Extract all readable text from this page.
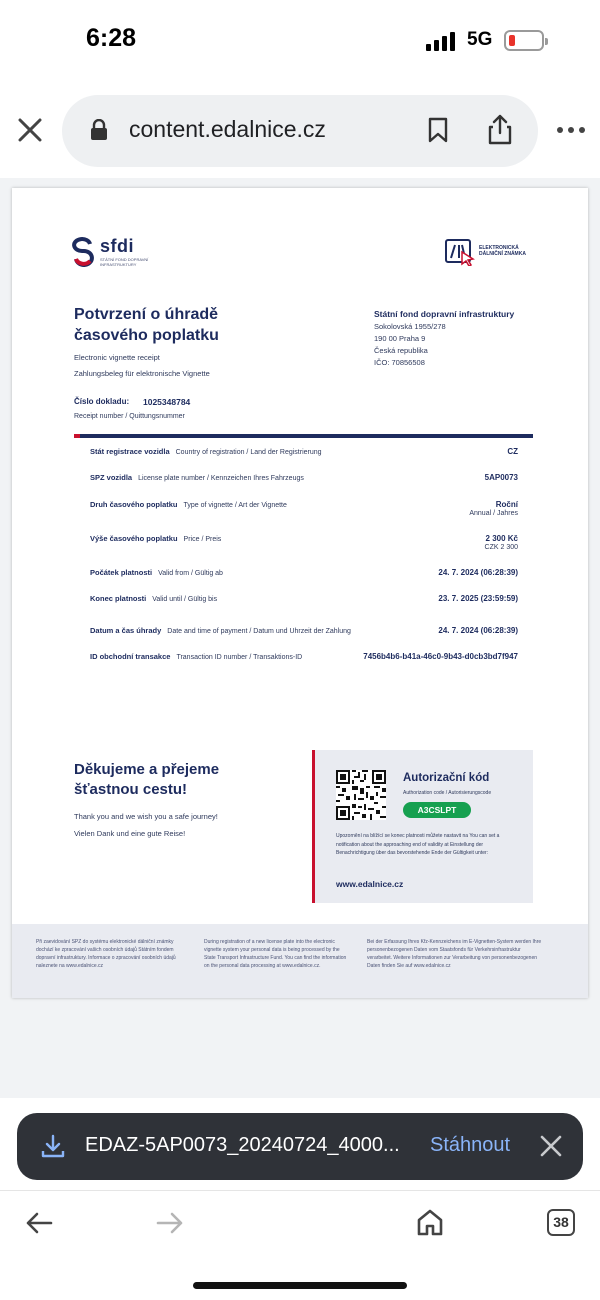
6:28	5G
content.edalnice.cz
sfdi
STÁTNÍ FOND DOPRAVNÍ INFRASTRUKTURY
ELEKTRONICKÁ DÁLNIČNÍ ZNÁMKA
Potvrzení o úhradě časového poplatku
Electronic vignette receipt
Zahlungsbeleg für elektronische Vignette
Číslo dokladu: 1025348784
Receipt number / Quittungsnummer
Státní fond dopravní infrastruktury
Sokolovská 1955/278
190 00 Praha 9
Česká republika
IČO: 70856508
Stát registrace vozidla Country of registration / Land der Registrierung	CZ
SPZ vozidla License plate number / Kennzeichen Ihres Fahrzeugs	5AP0073
Druh časového poplatku Type of vignette / Art der Vignette	Roční
Annual / Jahres
Výše časového poplatku Price / Preis	2 300 Kč
CZK 2 300
Počátek platnosti Valid from / Gültig ab	24. 7. 2024 (06:28:39)
Konec platnosti Valid until / Gültig bis	23. 7. 2025 (23:59:59)
Datum a čas úhrady Date and time of payment / Datum und Uhrzeit der Zahlung	24. 7. 2024 (06:28:39)
ID obchodní transakce Transaction ID number / Transaktions-ID	7456b4b6-b41a-46c0-9b43-d0cb3bd7f947
Děkujeme a přejeme šťastnou cestu!
Thank you and we wish you a safe journey!
Vielen Dank und eine gute Reise!
Autorizační kód
Authorization code / Autorisierungscode
A3CSLPT
Upozornění na blížící se konec platnosti můžete nastavit na You can set a notification about the approaching end of validity at Einstellung der Benachrichtigung über das bevorstehende Ende der Gültigkeit unter:
www.edalnice.cz
Při zaevidování SPZ do systému elektronické dálniční známky dochází ke zpracování vašich osobních údajů Státním fondem dopravní infrastruktury. Informace o zpracování osobních údajů naleznete na www.edalnice.cz
During registration of a new license plate into the electronic vignette system your personal data is being processed by the State Transport Infrastructure Fund. You can find the information on the personal data processing at www.edalnice.cz.
Bei der Erfassung Ihres Kfz-Kennzeichens im E-Vignetten-System werden Ihre personenbezogenen Daten vom Staatsfonds für Verkehrsinfrastruktur verarbeitet. Weitere Informationen zur Verarbeitung von personenbezogenen Daten finden Sie auf www.edalnice.cz
EDAZ-5AP0073_20240724_4000... Stáhnout
38
